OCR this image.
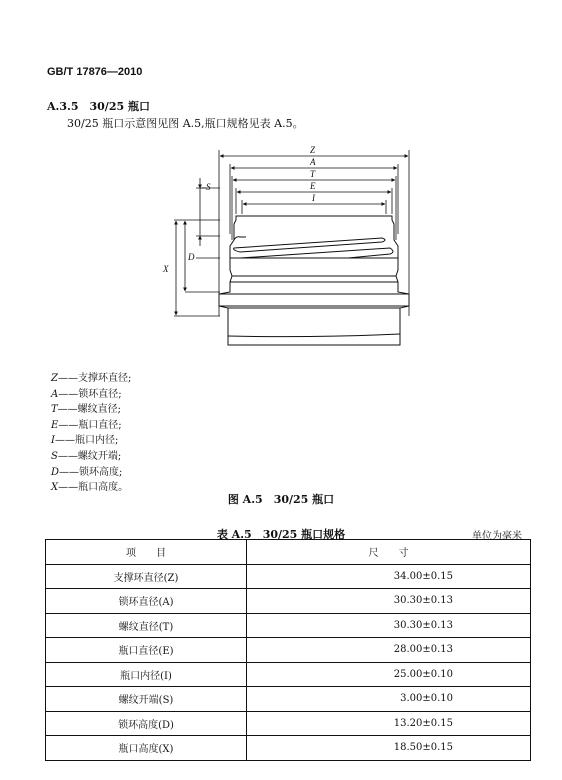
GB/T 17876—2010
A.3.5　30/25 瓶口
30/25 瓶口示意图见图 A.5,瓶口规格见表 A.5。
Z
A
T
E
I
S
D
X
Z——支撑环直径;
A——锁环直径;
T——螺纹直径;
E——瓶口直径;
I——瓶口内径;
S——螺纹开端;
D——锁环高度;
X——瓶口高度。
图 A.5　30/25 瓶口
表 A.5　30/25 瓶口规格	单位为毫米
项　　目	尺　　寸
支撑环直径(Z)	34.00±0.15
锁环直径(A)	30.30±0.13
螺纹直径(T)	30.30±0.13
瓶口直径(E)	28.00±0.13
瓶口内径(I)	25.00±0.10
螺纹开端(S)	3.00±0.10
锁环高度(D)	13.20±0.15
瓶口高度(X)	18.50±0.15
